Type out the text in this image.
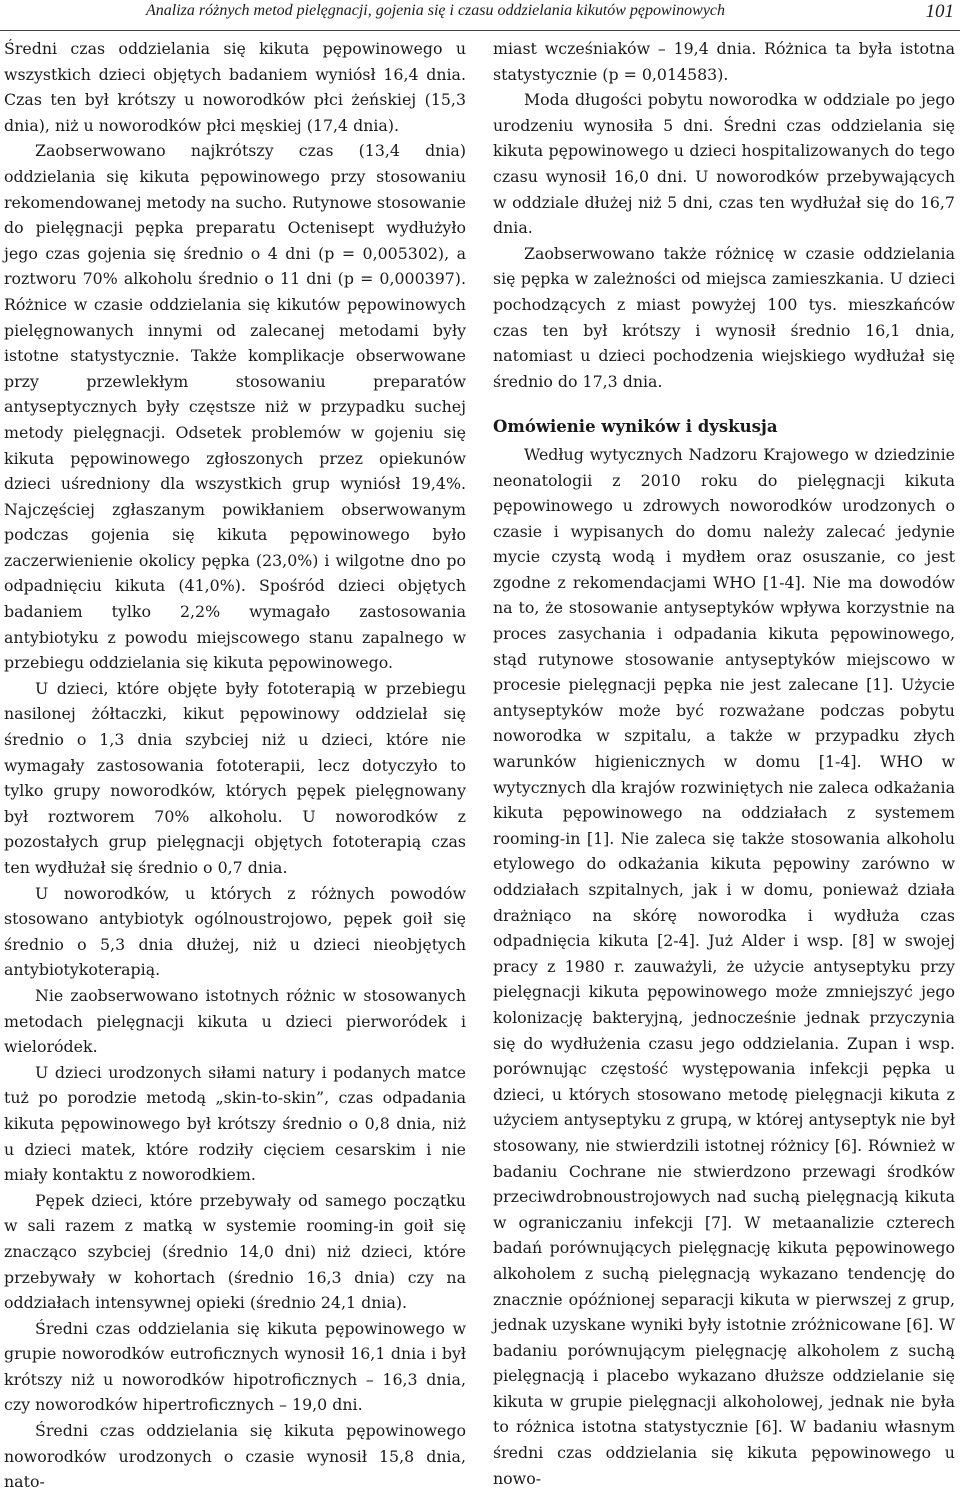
Analiza różnych metod pielęgnacji, gojenia się i czasu oddzielania kikutów pępowinowych	101

Średni czas oddzielania się kikuta pępowinowego u wszystkich dzieci objętych badaniem wyniósł 16,4 dnia. Czas ten był krótszy u noworodków płci żeńskiej (15,3 dnia), niż u noworodków płci męskiej (17,4 dnia).

Zaobserwowano najkrótszy czas (13,4 dnia) oddzielania się kikuta pępowinowego przy stosowaniu rekomendowanej metody na sucho. Rutynowe stosowanie do pielęgnacji pępka preparatu Octenisept wydłużyło jego czas gojenia się średnio o 4 dni (p = 0,005302), a roztworu 70% alkoholu średnio o 11 dni (p = 0,000397). Różnice w czasie oddzielania się kikutów pępowinowych pielęgnowanych innymi od zalecanej metodami były istotne statystycznie. Także komplikacje obserwowane przy przewlekłym stosowaniu preparatów antyseptycznych były częstsze niż w przypadku suchej metody pielęgnacji. Odsetek problemów w gojeniu się kikuta pępowinowego zgłoszonych przez opiekunów dzieci uśredniony dla wszystkich grup wyniósł 19,4%. Najczęściej zgłaszanym powikłaniem obserwowanym podczas gojenia się kikuta pępowinowego było zaczerwienienie okolicy pępka (23,0%) i wilgotne dno po odpadnięciu kikuta (41,0%). Spośród dzieci objętych badaniem tylko 2,2% wymagało zastosowania antybiotyku z powodu miejscowego stanu zapalnego w przebiegu oddzielania się kikuta pępowinowego.

U dzieci, które objęte były fototerapią w przebiegu nasilonej żółtaczki, kikut pępowinowy oddzielał się średnio o 1,3 dnia szybciej niż u dzieci, które nie wymagały zastosowania fototerapii, lecz dotyczyło to tylko grupy noworodków, których pępek pielęgnowany był roztworem 70% alkoholu. U noworodków z pozostałych grup pielęgnacji objętych fototerapią czas ten wydłużał się średnio o 0,7 dnia.

U noworodków, u których z różnych powodów stosowano antybiotyk ogólnoustrojowo, pępek goił się średnio o 5,3 dnia dłużej, niż u dzieci nieobjętych antybiotykoterapią.

Nie zaobserwowano istotnych różnic w stosowanych metodach pielęgnacji kikuta u dzieci pierworódek i wieloródek.

U dzieci urodzonych siłami natury i podanych matce tuż po porodzie metodą „skin-to-skin”, czas odpadania kikuta pępowinowego był krótszy średnio o 0,8 dnia, niż u dzieci matek, które rodziły cięciem cesarskim i nie miały kontaktu z noworodkiem.

Pępek dzieci, które przebywały od samego początku w sali razem z matką w systemie rooming-in goił się znacząco szybciej (średnio 14,0 dni) niż dzieci, które przebywały w kohortach (średnio 16,3 dnia) czy na oddziałach intensywnej opieki (średnio 24,1 dnia).

Średni czas oddzielania się kikuta pępowinowego w grupie noworodków eutroficznych wynosił 16,1 dnia i był krótszy niż u noworodków hipotroficznych – 16,3 dnia, czy noworodków hipertroficznych – 19,0 dni.

Średni czas oddzielania się kikuta pępowinowego noworodków urodzonych o czasie wynosił 15,8 dnia, nato-

miast wcześniaków – 19,4 dnia. Różnica ta była istotna statystycznie (p = 0,014583).

Moda długości pobytu noworodka w oddziale po jego urodzeniu wynosiła 5 dni. Średni czas oddzielania się kikuta pępowinowego u dzieci hospitalizowanych do tego czasu wynosił 16,0 dni. U noworodków przebywających w oddziale dłużej niż 5 dni, czas ten wydłużał się do 16,7 dnia.

Zaobserwowano także różnicę w czasie oddzielania się pępka w zależności od miejsca zamieszkania. U dzieci pochodzących z miast powyżej 100 tys. mieszkańców czas ten był krótszy i wynosił średnio 16,1 dnia, natomiast u dzieci pochodzenia wiejskiego wydłużał się średnio do 17,3 dnia.

Omówienie wyników i dyskusja

Według wytycznych Nadzoru Krajowego w dziedzinie neonatologii z 2010 roku do pielęgnacji kikuta pępowinowego u zdrowych noworodków urodzonych o czasie i wypisanych do domu należy zalecać jedynie mycie czystą wodą i mydłem oraz osuszanie, co jest zgodne z rekomendacjami WHO [1-4]. Nie ma dowodów na to, że stosowanie antyseptyków wpływa korzystnie na proces zasychania i odpadania kikuta pępowinowego, stąd rutynowe stosowanie antyseptyków miejscowo w procesie pielęgnacji pępka nie jest zalecane [1]. Użycie antyseptyków może być rozważane podczas pobytu noworodka w szpitalu, a także w przypadku złych warunków higienicznych w domu [1-4]. WHO w wytycznych dla krajów rozwiniętych nie zaleca odkażania kikuta pępowinowego na oddziałach z systemem rooming-in [1]. Nie zaleca się także stosowania alkoholu etylowego do odkażania kikuta pępowiny zarówno w oddziałach szpitalnych, jak i w domu, ponieważ działa drażniąco na skórę noworodka i wydłuża czas odpadnięcia kikuta [2-4]. Już Alder i wsp. [8] w swojej pracy z 1980 r. zauważyli, że użycie antyseptyku przy pielęgnacji kikuta pępowinowego może zmniejszyć jego kolonizację bakteryjną, jednocześnie jednak przyczynia się do wydłużenia czasu jego oddzielania. Zupan i wsp. porównując częstość występowania infekcji pępka u dzieci, u których stosowano metodę pielęgnacji kikuta z użyciem antyseptyku z grupą, w której antyseptyk nie był stosowany, nie stwierdzili istotnej różnicy [6]. Również w badaniu Cochrane nie stwierdzono przewagi środków przeciwdrobnoustrojowych nad suchą pielęgnacją kikuta w ograniczaniu infekcji [7]. W metaanalizie czterech badań porównujących pielęgnację kikuta pępowinowego alkoholem z suchą pielęgnacją wykazano tendencję do znacznie opóźnionej separacji kikuta w pierwszej z grup, jednak uzyskane wyniki były istotnie zróżnicowane [6]. W badaniu porównującym pielęgnację alkoholem z suchą pielęgnacją i placebo wykazano dłuższe oddzielanie się kikuta w grupie pielęgnacji alkoholowej, jednak nie była to różnica istotna statystycznie [6]. W badaniu własnym średni czas oddzielania się kikuta pępowinowego u nowo-
